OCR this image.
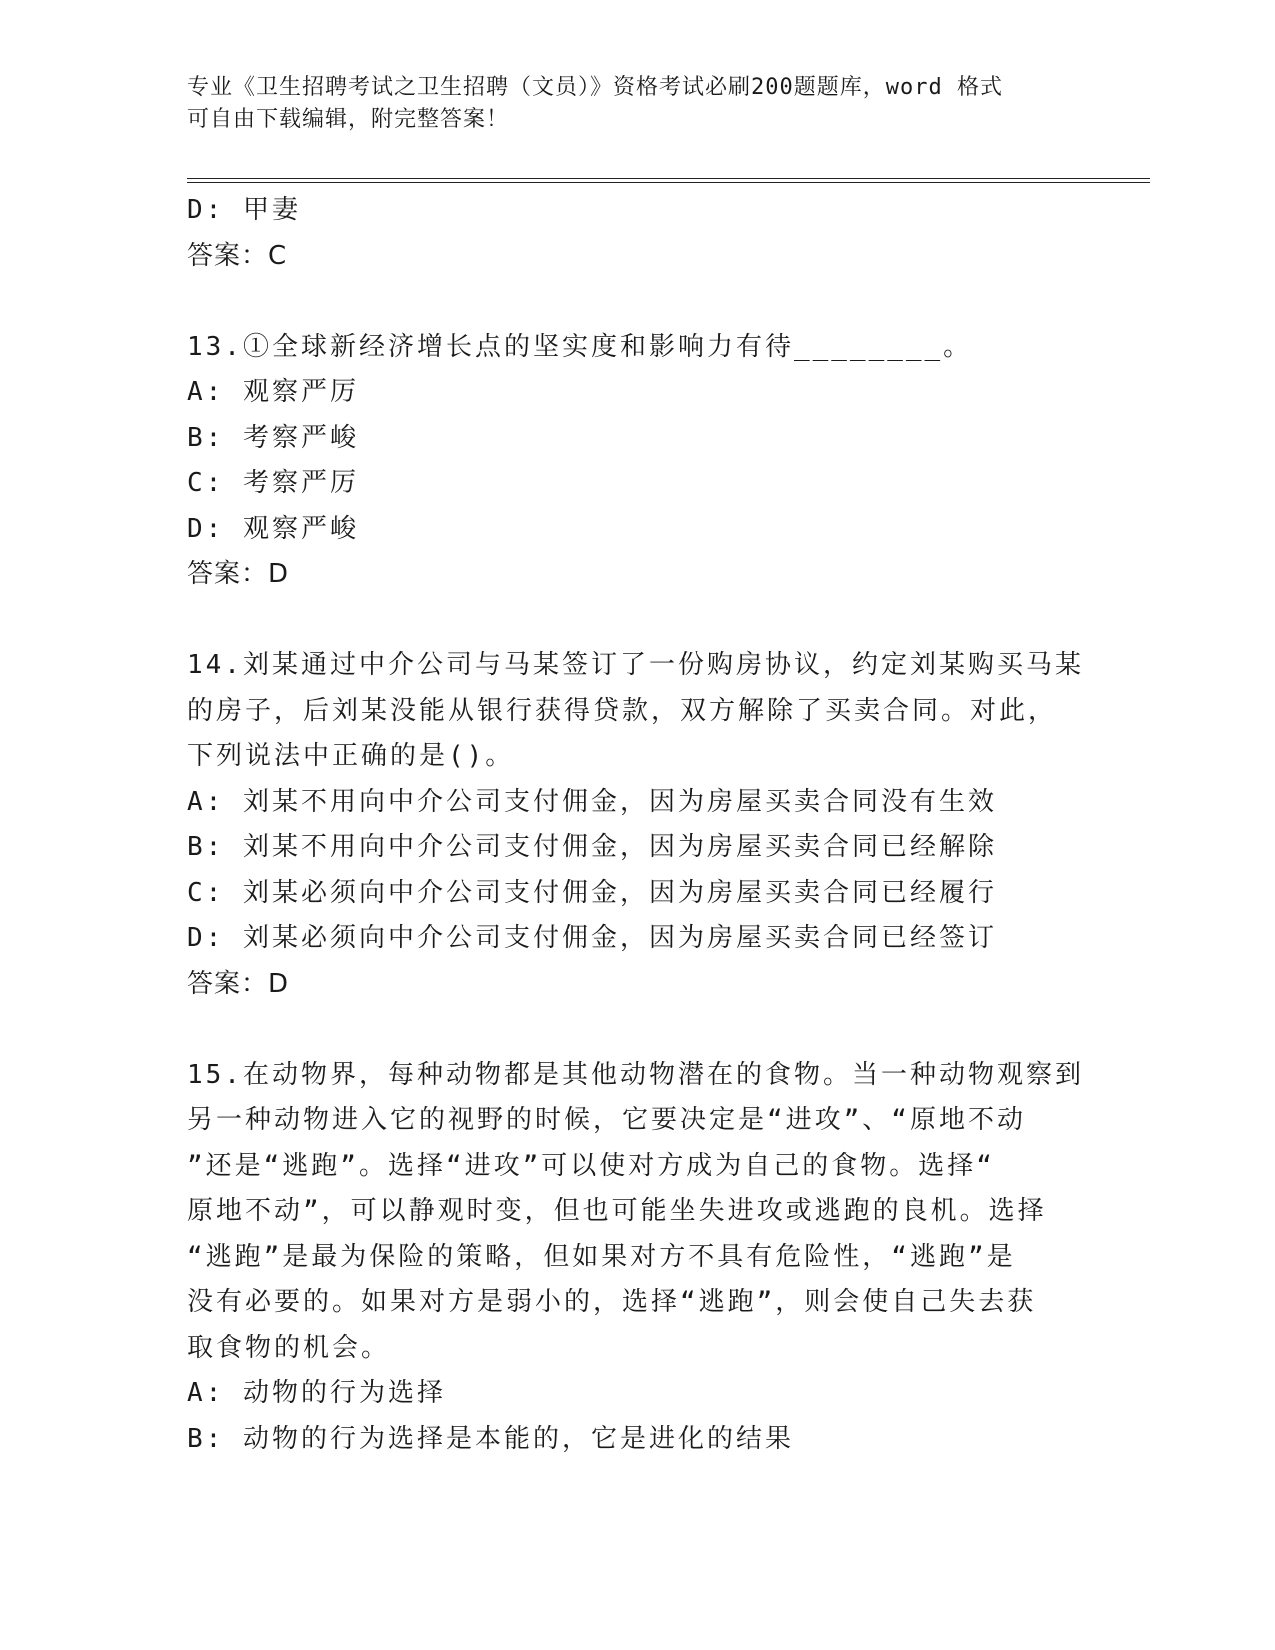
专业《卫生招聘考试之卫生招聘（文员）》资格考试必刷200题题库，word 格式
可自由下载编辑，附完整答案！
D: 甲妻
答案：C
13.①全球新经济增长点的坚实度和影响力有待________。
A: 观察严厉
B: 考察严峻
C: 考察严厉
D: 观察严峻
答案：D
14.刘某通过中介公司与马某签订了一份购房协议，约定刘某购买马某
的房子，后刘某没能从银行获得贷款，双方解除了买卖合同。对此，
下列说法中正确的是()。
A: 刘某不用向中介公司支付佣金，因为房屋买卖合同没有生效
B: 刘某不用向中介公司支付佣金，因为房屋买卖合同已经解除
C: 刘某必须向中介公司支付佣金，因为房屋买卖合同已经履行
D: 刘某必须向中介公司支付佣金，因为房屋买卖合同已经签订
答案：D
15.在动物界，每种动物都是其他动物潜在的食物。当一种动物观察到
另一种动物进入它的视野的时候，它要决定是“进攻”、“原地不动
”还是“逃跑”。选择“进攻”可以使对方成为自己的食物。选择“
原地不动”，可以静观时变，但也可能坐失进攻或逃跑的良机。选择
“逃跑”是最为保险的策略，但如果对方不具有危险性，“逃跑”是
没有必要的。如果对方是弱小的，选择“逃跑”，则会使自己失去获
取食物的机会。
A: 动物的行为选择
B: 动物的行为选择是本能的，它是进化的结果
